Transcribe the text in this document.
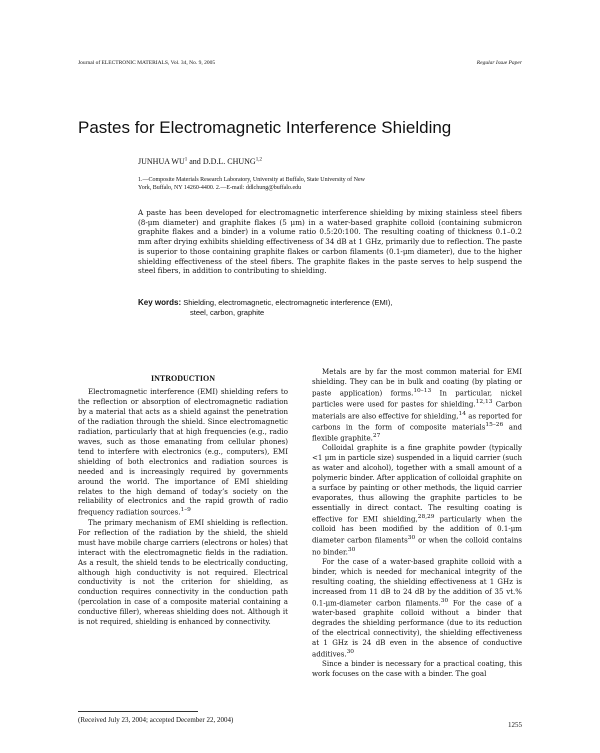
Journal of ELECTRONIC MATERIALS, Vol. 34, No. 9, 2005	Regular Issue Paper
Pastes for Electromagnetic Interference Shielding
JUNHUA $WU^1$ and D.D.L. CHUNG$^{1,2}$
1.—Composite Materials Research Laboratory, University at Buffalo, State University of New
York, Buffalo, NY 14260-4400. 2.—E-mail: ddlchung@buffalo.edu
A paste has been developed for electromagnetic interference shielding by mixing stainless steel fibers (8-μm diameter) and graphite flakes (5 μm) in a water-based graphite colloid (containing submicron graphite flakes and a binder) in a volume ratio 0.5:20:100. The resulting coating of thickness 0.1–0.2 mm after drying exhibits shielding effectiveness of 34 dB at 1 GHz, primarily due to reflection. The paste is superior to those containing graphite flakes or carbon filaments (0.1-μm diameter), due to the higher shielding effectiveness of the steel fibers. The graphite flakes in the paste serves to help suspend the steel fibers, in addition to contributing to shielding.
Key words: Shielding, electromagnetic, electromagnetic interference (EMI),
steel, carbon, graphite
INTRODUCTION

Electromagnetic interference (EMI) shielding refers to the reflection or absorption of electromagnetic radiation by a material that acts as a shield against the penetration of the radiation through the shield. Since electromagnetic radiation, particularly that at high frequencies (e.g., radio waves, such as those emanating from cellular phones) tend to interfere with electronics (e.g., computers), EMI shielding of both electronics and radiation sources is needed and is increasingly required by governments around the world. The importance of EMI shielding relates to the high demand of today’s society on the reliability of electronics and the rapid growth of radio frequency radiation sources.$^{1-9}$

The primary mechanism of EMI shielding is reflection. For reflection of the radiation by the shield, the shield must have mobile charge carriers (electrons or holes) that interact with the electromagnetic fields in the radiation. As a result, the shield tends to be electrically conducting, although high conductivity is not required. Electrical conductivity is not the criterion for shielding, as conduction requires connectivity in the conduction path (percolation in case of a composite material containing a conductive filler), whereas shielding does not. Although it is not required, shielding is enhanced by connectivity.

Metals are by far the most common material for EMI shielding. They can be in bulk and coating (by plating or paste application) forms.$^{10-13}$ In particular, nickel particles were used for pastes for shielding.$^{12,13}$ Carbon materials are also effective for shielding,$^{14}$ as reported for carbons in the form of composite materials$^{15-26}$ and flexible graphite.$^{27}$

Colloidal graphite is a fine graphite powder (typically <1 μm in particle size) suspended in a liquid carrier (such as water and alcohol), together with a small amount of a polymeric binder. After application of colloidal graphite on a surface by painting or other methods, the liquid carrier evaporates, thus allowing the graphite particles to be essentially in direct contact. The resulting coating is effective for EMI shielding,$^{28,29}$ particularly when the colloid has been modified by the addition of 0.1-μm diameter carbon filaments$^{30}$ or when the colloid contains no binder.$^{30}$

For the case of a water-based graphite colloid with a binder, which is needed for mechanical integrity of the resulting coating, the shielding effectiveness at 1 GHz is increased from 11 dB to 24 dB by the addition of 35 vt.% 0.1-μm-diameter carbon filaments.$^{30}$ For the case of a water-based graphite colloid without a binder that degrades the shielding performance (due to its reduction of the electrical connectivity), the shielding effectiveness at 1 GHz is 24 dB even in the absence of conductive additives.$^{30}$

Since a binder is necessary for a practical coating, this work focuses on the case with a binder. The goal

(Received July 23, 2004; accepted December 22, 2004)
1255
